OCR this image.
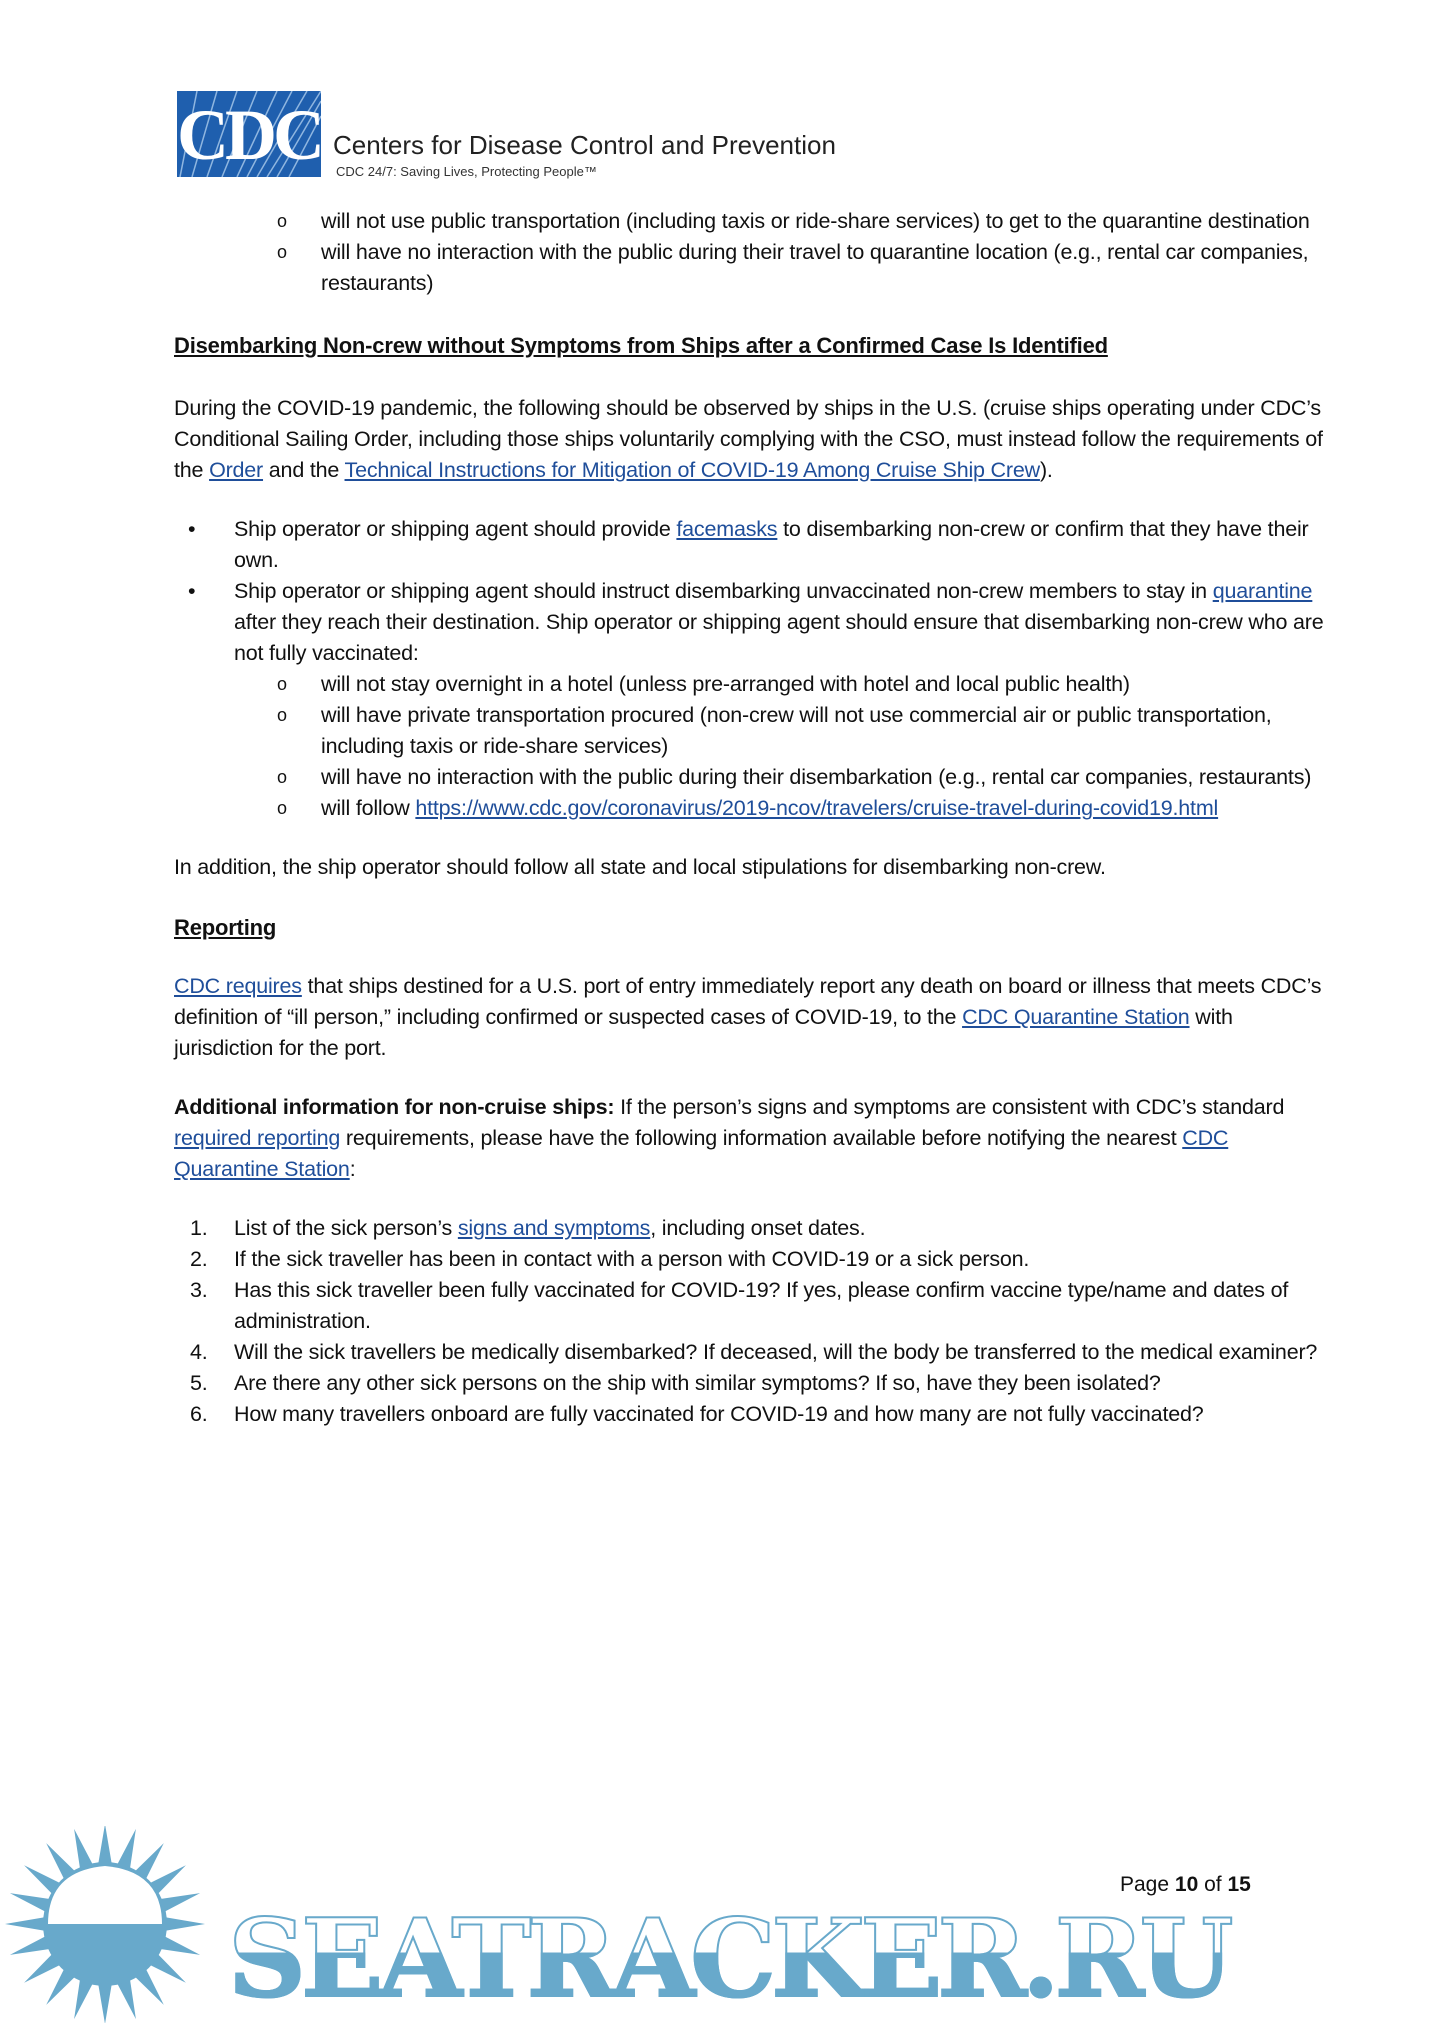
CDC Centers for Disease Control and Prevention
CDC 24/7: Saving Lives, Protecting People™
o will not use public transportation (including taxis or ride-share services) to get to the quarantine destination
o will have no interaction with the public during their travel to quarantine location (e.g., rental car companies, restaurants)
Disembarking Non-crew without Symptoms from Ships after a Confirmed Case Is Identified

During the COVID-19 pandemic, the following should be observed by ships in the U.S. (cruise ships operating under CDC’s Conditional Sailing Order, including those ships voluntarily complying with the CSO, must instead follow the requirements of the Order and the Technical Instructions for Mitigation of COVID-19 Among Cruise Ship Crew).

• Ship operator or shipping agent should provide facemasks to disembarking non-crew or confirm that they have their own.
• Ship operator or shipping agent should instruct disembarking unvaccinated non-crew members to stay in quarantine after they reach their destination. Ship operator or shipping agent should ensure that disembarking non-crew who are not fully vaccinated:
o will not stay overnight in a hotel (unless pre-arranged with hotel and local public health)
o will have private transportation procured (non-crew will not use commercial air or public transportation, including taxis or ride-share services)
o will have no interaction with the public during their disembarkation (e.g., rental car companies, restaurants)
o will follow https://www.cdc.gov/coronavirus/2019-ncov/travelers/cruise-travel-during-covid19.html

In addition, the ship operator should follow all state and local stipulations for disembarking non-crew.

Reporting

CDC requires that ships destined for a U.S. port of entry immediately report any death on board or illness that meets CDC’s definition of “ill person,” including confirmed or suspected cases of COVID-19, to the CDC Quarantine Station with jurisdiction for the port.

Additional information for non-cruise ships: If the person’s signs and symptoms are consistent with CDC’s standard required reporting requirements, please have the following information available before notifying the nearest CDC Quarantine Station:

1. List of the sick person’s signs and symptoms, including onset dates.
2. If the sick traveller has been in contact with a person with COVID-19 or a sick person.
3. Has this sick traveller been fully vaccinated for COVID-19? If yes, please confirm vaccine type/name and dates of administration.
4. Will the sick travellers be medically disembarked? If deceased, will the body be transferred to the medical examiner?
5. Are there any other sick persons on the ship with similar symptoms? If so, have they been isolated?
6. How many travellers onboard are fully vaccinated for COVID-19 and how many are not fully vaccinated?
Page 10 of 15
SEATRACKER.RU
